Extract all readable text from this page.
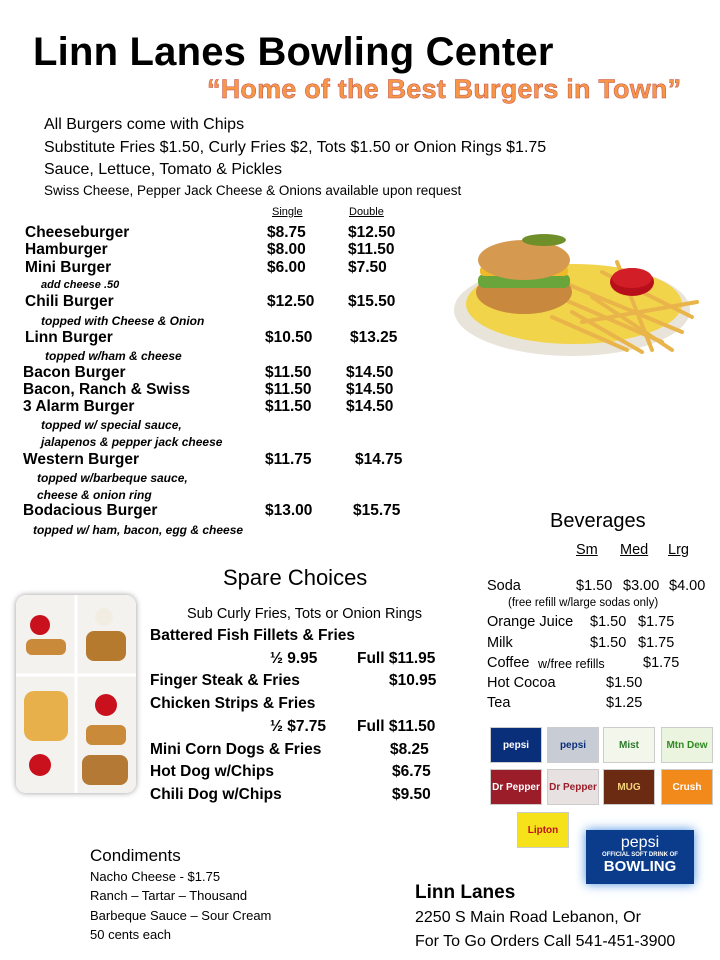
Linn Lanes Bowling Center
“Home of the Best Burgers in Town”
All Burgers come with Chips
Substitute Fries $1.50, Curly Fries $2, Tots $1.50 or Onion Rings $1.75
Sauce, Lettuce, Tomato & Pickles
Swiss Cheese, Pepper Jack Cheese & Onions available upon request
Single	Double
Cheeseburger	$8.75	$12.50
Hamburger	$8.00	$11.50
Mini Burger	$6.00	$7.50
add cheese .50
Chili Burger	$12.50 $15.50
topped with Cheese & Onion
Linn Burger	$10.50 $13.25
topped w/ham & cheese
Bacon Burger	$11.50 $14.50
Bacon, Ranch & Swiss	$11.50 $14.50
3 Alarm Burger	$11.50 $14.50
topped w/ special sauce,
jalapenos & pepper jack cheese
Western Burger	$11.75	$14.75
topped w/barbeque sauce,
cheese & onion ring
Bodacious Burger	$13.00	$15.75
topped w/ ham, bacon, egg & cheese
Spare Choices
Sub Curly Fries, Tots or Onion Rings
Battered Fish Fillets & Fries
½ 9.95	Full $11.95
Finger Steak & Fries	$10.95
Chicken Strips & Fries
½ $7.75 Full $11.50
Mini Corn Dogs & Fries	$8.25
Hot Dog w/Chips	$6.75
Chili Dog w/Chips	$9.50
Beverages
Sm Med Lrg
Soda	$1.50 $3.00 $4.00
(free refill w/large sodas only)
Orange Juice $1.50 $1.75
Milk	$1.50 $1.75
Coffee w/free refills	$1.75
Hot Cocoa	$1.50
Tea	$1.25
pepsi	pepsi	Mist	Mtn Dew
Dr Pepper Dr Pepper MUG	Crush
Lipton
pepsi
OFFICIAL SOFT DRINK OF
BOWLING
Condiments
Nacho Cheese - $1.75
Ranch – Tartar – Thousand
Barbeque Sauce – Sour Cream
50 cents each
Linn Lanes
2250 S Main Road Lebanon, Or
For To Go Orders Call 541-451-3900
